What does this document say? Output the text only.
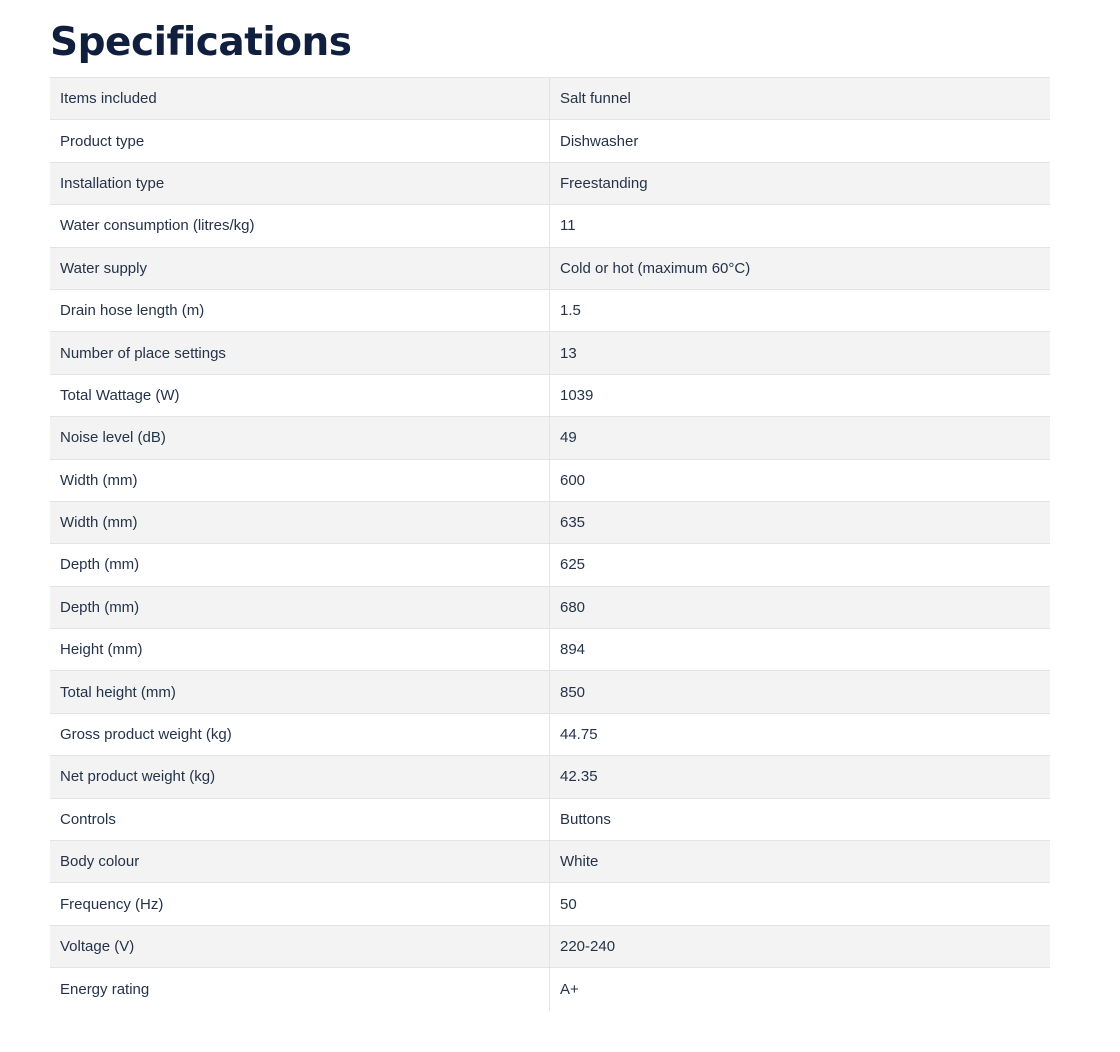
Specifications
Items included	Salt funnel
Product type	Dishwasher
Installation type	Freestanding
Water consumption (litres/kg)	11
Water supply	Cold or hot (maximum 60°C)
Drain hose length (m)	1.5
Number of place settings	13
Total Wattage (W)	1039
Noise level (dB)	49
Width (mm)	600
Width (mm)	635
Depth (mm)	625
Depth (mm)	680
Height (mm)	894
Total height (mm)	850
Gross product weight (kg)	44.75
Net product weight (kg)	42.35
Controls	Buttons
Body colour	White
Frequency (Hz)	50
Voltage (V)	220-240
Energy rating	A+
